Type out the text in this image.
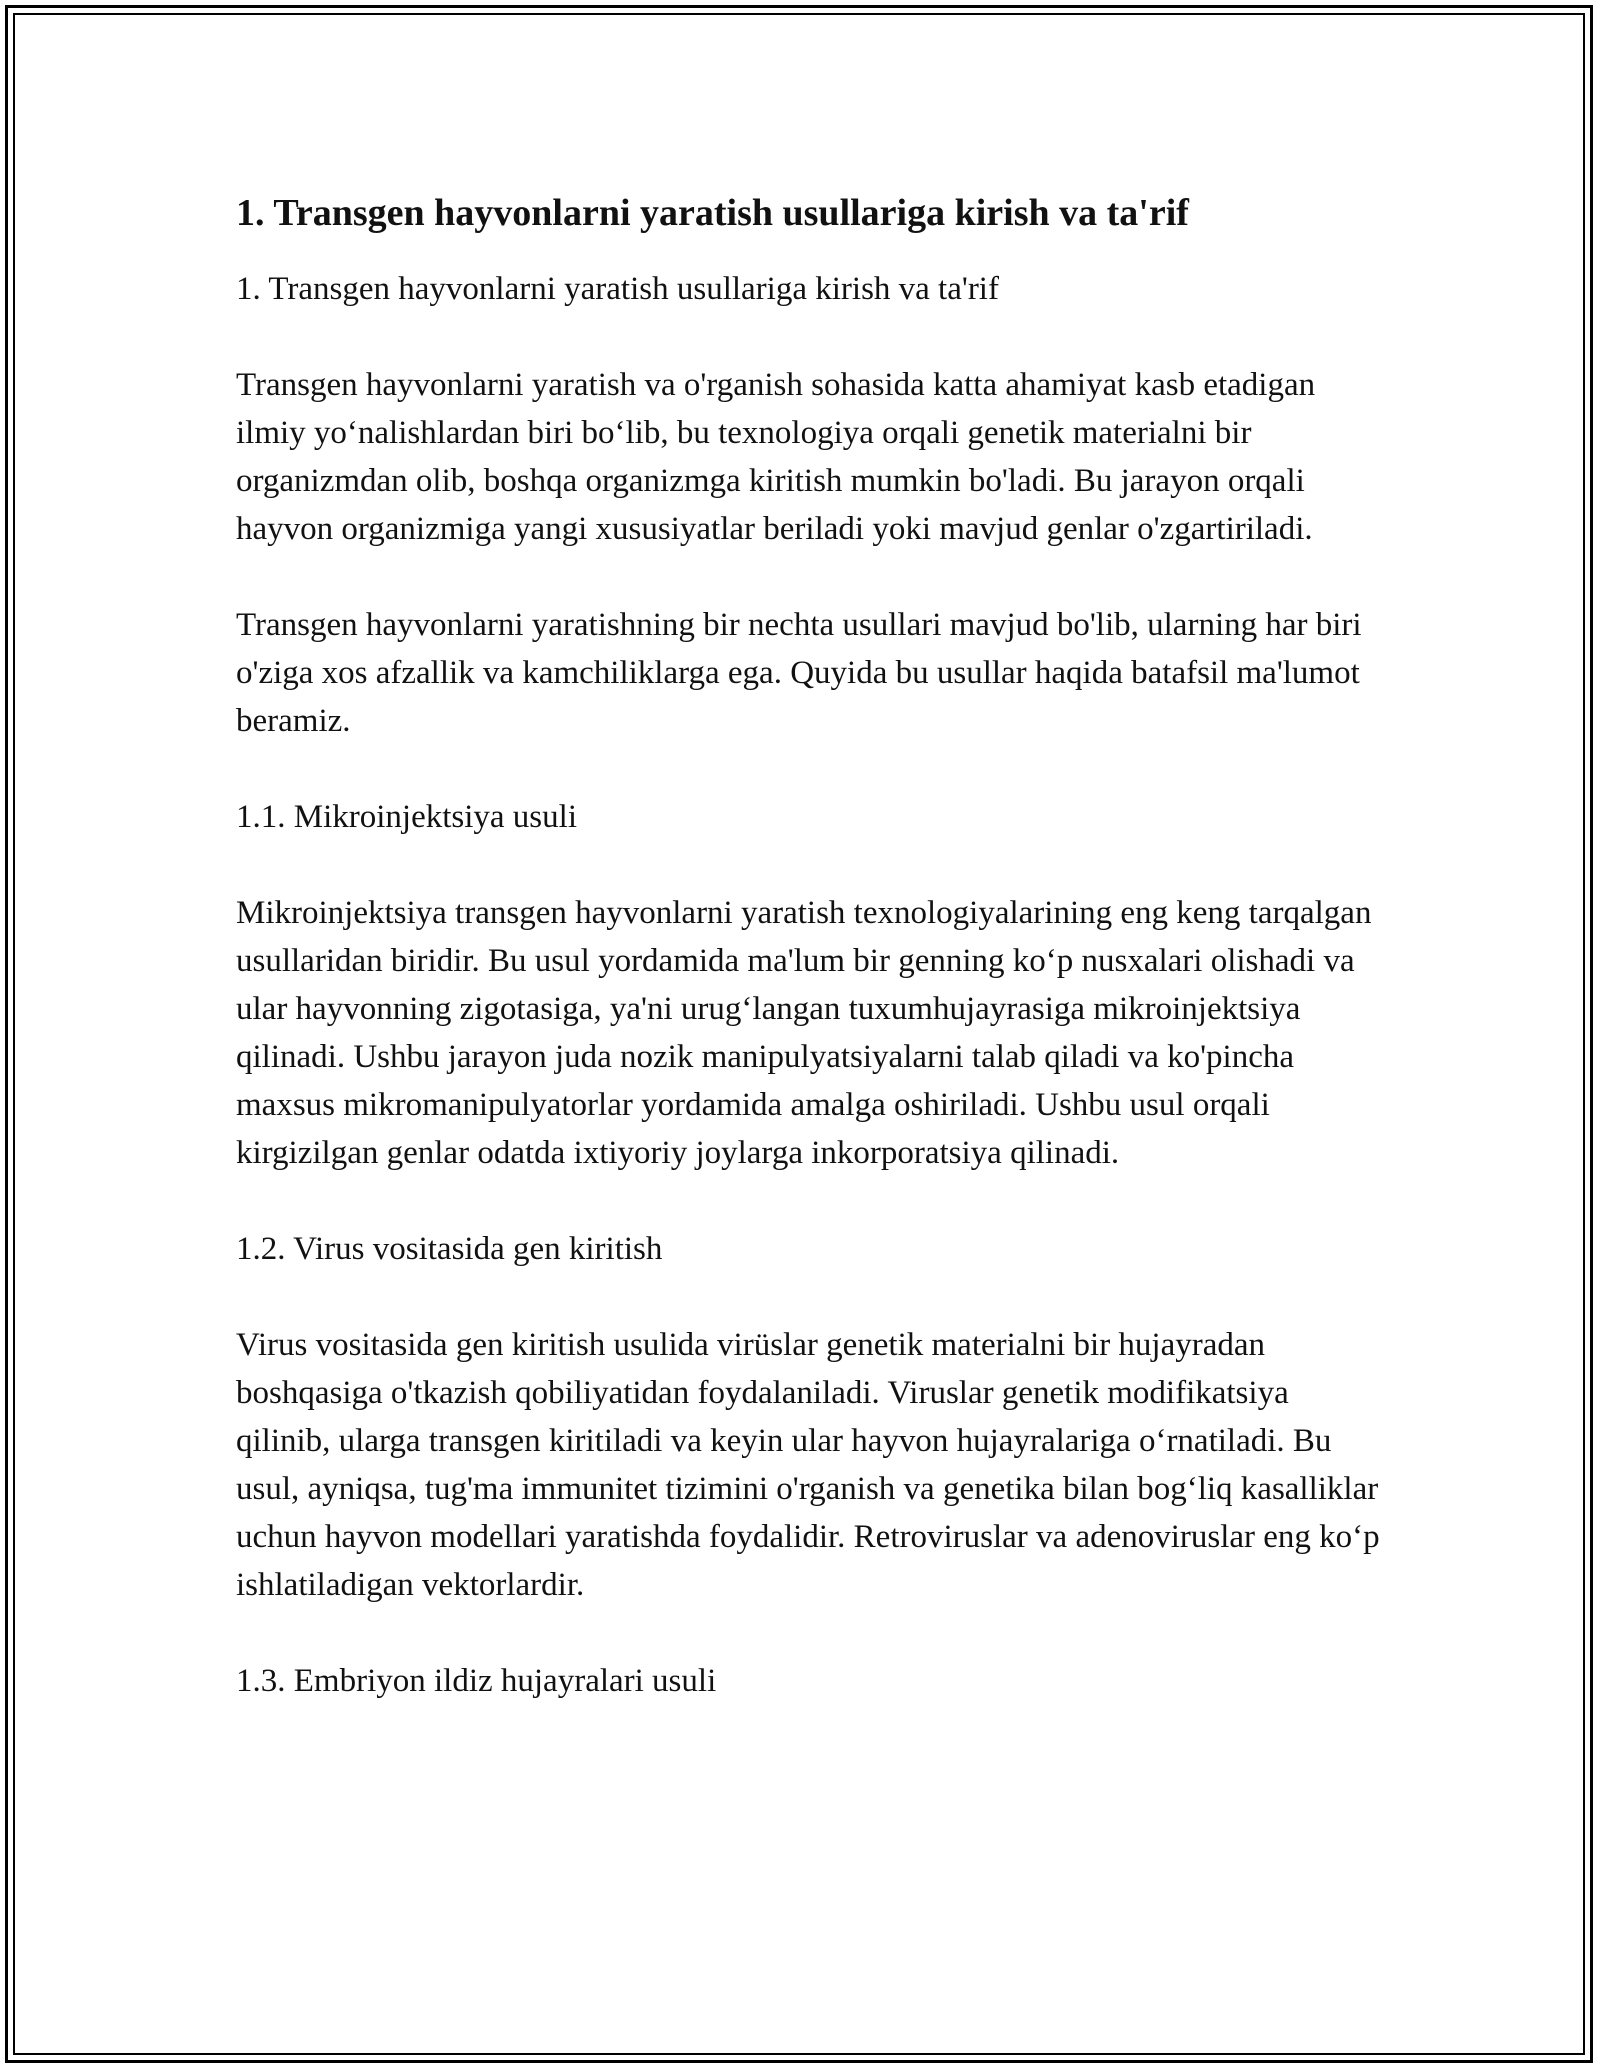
1. Transgen hayvonlarni yaratish usullariga kirish va ta'rif

1. Transgen hayvonlarni yaratish usullariga kirish va ta'rif

Transgen hayvonlarni yaratish va o'rganish sohasida katta ahamiyat kasb etadigan ilmiy yo‘nalishlardan biri bo‘lib, bu texnologiya orqali genetik materialni bir organizmdan olib, boshqa organizmga kiritish mumkin bo'ladi. Bu jarayon orqali hayvon organizmiga yangi xususiyatlar beriladi yoki mavjud genlar o'zgartiriladi.

Transgen hayvonlarni yaratishning bir nechta usullari mavjud bo'lib, ularning har biri o'ziga xos afzallik va kamchiliklarga ega. Quyida bu usullar haqida batafsil ma'lumot beramiz.

1.1. Mikroinjektsiya usuli

Mikroinjektsiya transgen hayvonlarni yaratish texnologiyalarining eng keng tarqalgan usullaridan biridir. Bu usul yordamida ma'lum bir genning ko‘p nusxalari olishadi va ular hayvonning zigotasiga, ya'ni urug‘langan tuxumhujayrasiga mikroinjektsiya qilinadi. Ushbu jarayon juda nozik manipulyatsiyalarni talab qiladi va ko'pincha maxsus mikromanipulyatorlar yordamida amalga oshiriladi. Ushbu usul orqali kirgizilgan genlar odatda ixtiyoriy joylarga inkorporatsiya qilinadi.

1.2. Virus vositasida gen kiritish

Virus vositasida gen kiritish usulida virüslar genetik materialni bir hujayradan boshqasiga o'tkazish qobiliyatidan foydalaniladi. Viruslar genetik modifikatsiya qilinib, ularga transgen kiritiladi va keyin ular hayvon hujayralariga o‘rnatiladi. Bu usul, ayniqsa, tug'ma immunitet tizimini o'rganish va genetika bilan bog‘liq kasalliklar uchun hayvon modellari yaratishda foydalidir. Retroviruslar va adenoviruslar eng ko‘p ishlatiladigan vektorlardir.

1.3. Embriyon ildiz hujayralari usuli
